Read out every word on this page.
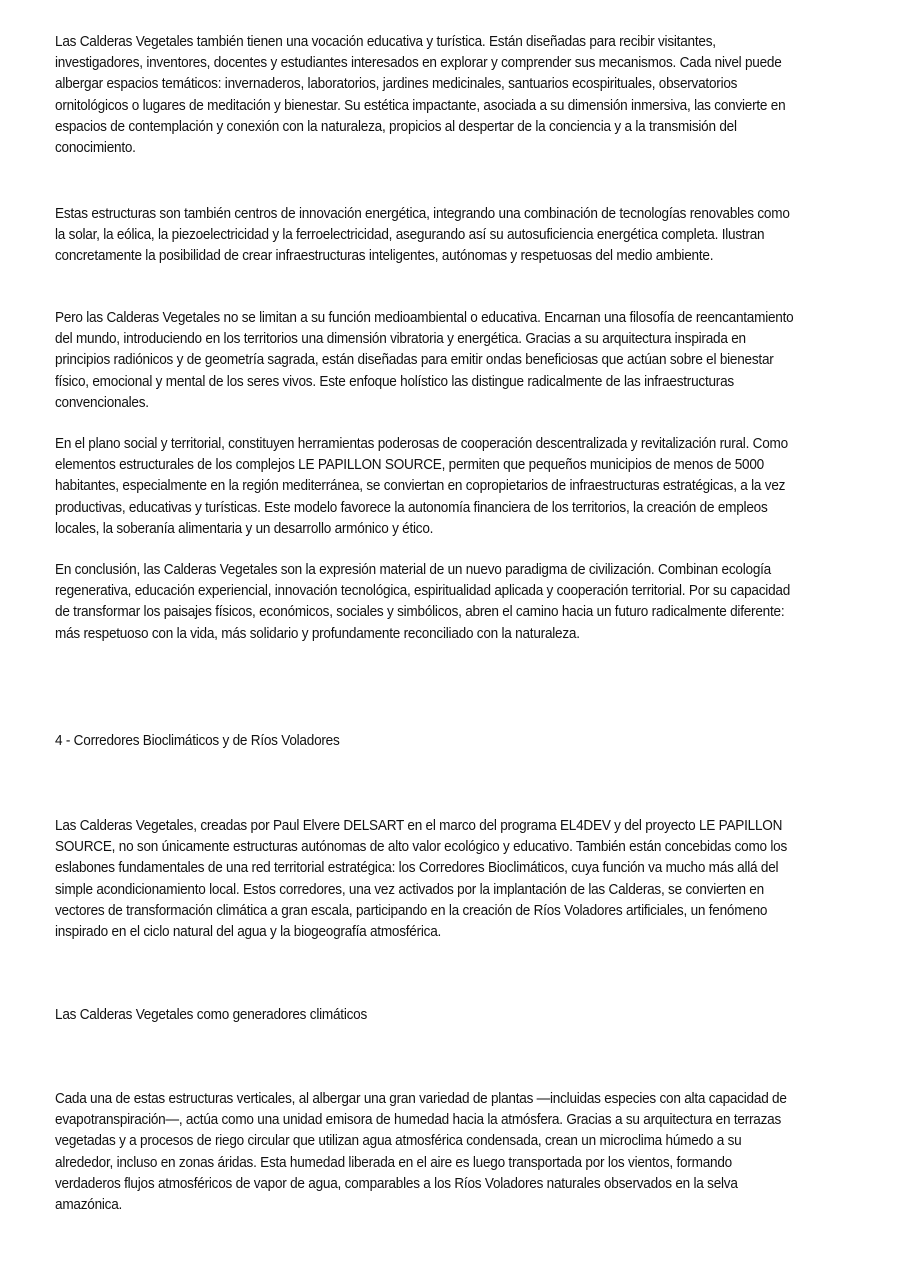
Las Calderas Vegetales también tienen una vocación educativa y turística. Están diseñadas para recibir visitantes, investigadores, inventores, docentes y estudiantes interesados en explorar y comprender sus mecanismos. Cada nivel puede albergar espacios temáticos: invernaderos, laboratorios, jardines medicinales, santuarios ecospirituales, observatorios ornitológicos o lugares de meditación y bienestar. Su estética impactante, asociada a su dimensión inmersiva, las convierte en espacios de contemplación y conexión con la naturaleza, propicios al despertar de la conciencia y a la transmisión del conocimiento.

Estas estructuras son también centros de innovación energética, integrando una combinación de tecnologías renovables como la solar, la eólica, la piezoelectricidad y la ferroelectricidad, asegurando así su autosuficiencia energética completa. Ilustran concretamente la posibilidad de crear infraestructuras inteligentes, autónomas y respetuosas del medio ambiente.

Pero las Calderas Vegetales no se limitan a su función medioambiental o educativa. Encarnan una filosofía de reencantamiento del mundo, introduciendo en los territorios una dimensión vibratoria y energética. Gracias a su arquitectura inspirada en principios radiónicos y de geometría sagrada, están diseñadas para emitir ondas beneficiosas que actúan sobre el bienestar físico, emocional y mental de los seres vivos. Este enfoque holístico las distingue radicalmente de las infraestructuras convencionales.

En el plano social y territorial, constituyen herramientas poderosas de cooperación descentralizada y revitalización rural. Como elementos estructurales de los complejos LE PAPILLON SOURCE, permiten que pequeños municipios de menos de 5000 habitantes, especialmente en la región mediterránea, se conviertan en copropietarios de infraestructuras estratégicas, a la vez productivas, educativas y turísticas. Este modelo favorece la autonomía financiera de los territorios, la creación de empleos locales, la soberanía alimentaria y un desarrollo armónico y ético.

En conclusión, las Calderas Vegetales son la expresión material de un nuevo paradigma de civilización. Combinan ecología regenerativa, educación experiencial, innovación tecnológica, espiritualidad aplicada y cooperación territorial. Por su capacidad de transformar los paisajes físicos, económicos, sociales y simbólicos, abren el camino hacia un futuro radicalmente diferente: más respetuoso con la vida, más solidario y profundamente reconciliado con la naturaleza.

4 - Corredores Bioclimáticos y de Ríos Voladores

Las Calderas Vegetales, creadas por Paul Elvere DELSART en el marco del programa EL4DEV y del proyecto LE PAPILLON SOURCE, no son únicamente estructuras autónomas de alto valor ecológico y educativo. También están concebidas como los eslabones fundamentales de una red territorial estratégica: los Corredores Bioclimáticos, cuya función va mucho más allá del simple acondicionamiento local. Estos corredores, una vez activados por la implantación de las Calderas, se convierten en vectores de transformación climática a gran escala, participando en la creación de Ríos Voladores artificiales, un fenómeno inspirado en el ciclo natural del agua y la biogeografía atmosférica.

Las Calderas Vegetales como generadores climáticos

Cada una de estas estructuras verticales, al albergar una gran variedad de plantas —incluidas especies con alta capacidad de evapotranspiración—, actúa como una unidad emisora de humedad hacia la atmósfera. Gracias a su arquitectura en terrazas vegetadas y a procesos de riego circular que utilizan agua atmosférica condensada, crean un microclima húmedo a su alrededor, incluso en zonas áridas. Esta humedad liberada en el aire es luego transportada por los vientos, formando verdaderos flujos atmosféricos de vapor de agua, comparables a los Ríos Voladores naturales observados en la selva amazónica.
